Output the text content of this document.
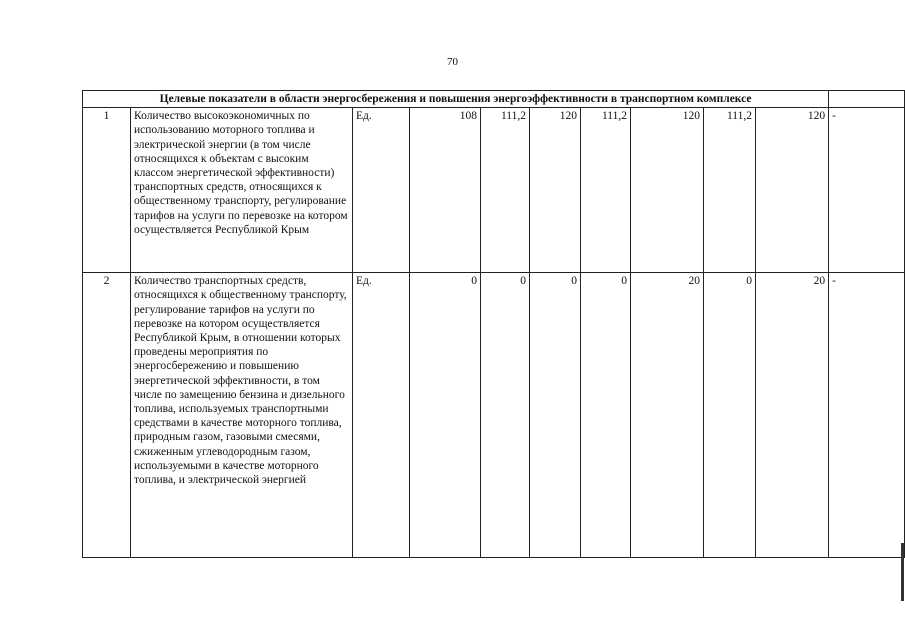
70
Целевые показатели в области энергосбережения и повышения энергоэффективности в транспортном комплексе										
1	Количество высокоэкономичных по использованию моторного топлива и электрической энергии (в том числе относящихся к объектам с высоким классом энергетической эффективности) транспортных средств, относящихся к общественному транспорту, регулирование тарифов на услуги по перевозке на котором осуществляется Республикой Крым	Ед.	108	111,2	120	111,2	120	111,2	120	-
2	Количество транспортных средств, относящихся к общественному транспорту, регулирование тарифов на услуги по перевозке на котором осуществляется Республикой Крым, в отношении которых проведены мероприятия по энергосбережению и повышению энергетической эффективности, в том числе по замещению бензина и дизельного топлива, используемых транспортными средствами в качестве моторного топлива, природным газом, газовыми смесями, сжиженным углеводородным газом, используемыми в качестве моторного топлива, и электрической энергией	Ед.	0	0	0	0	20	0	20	-
